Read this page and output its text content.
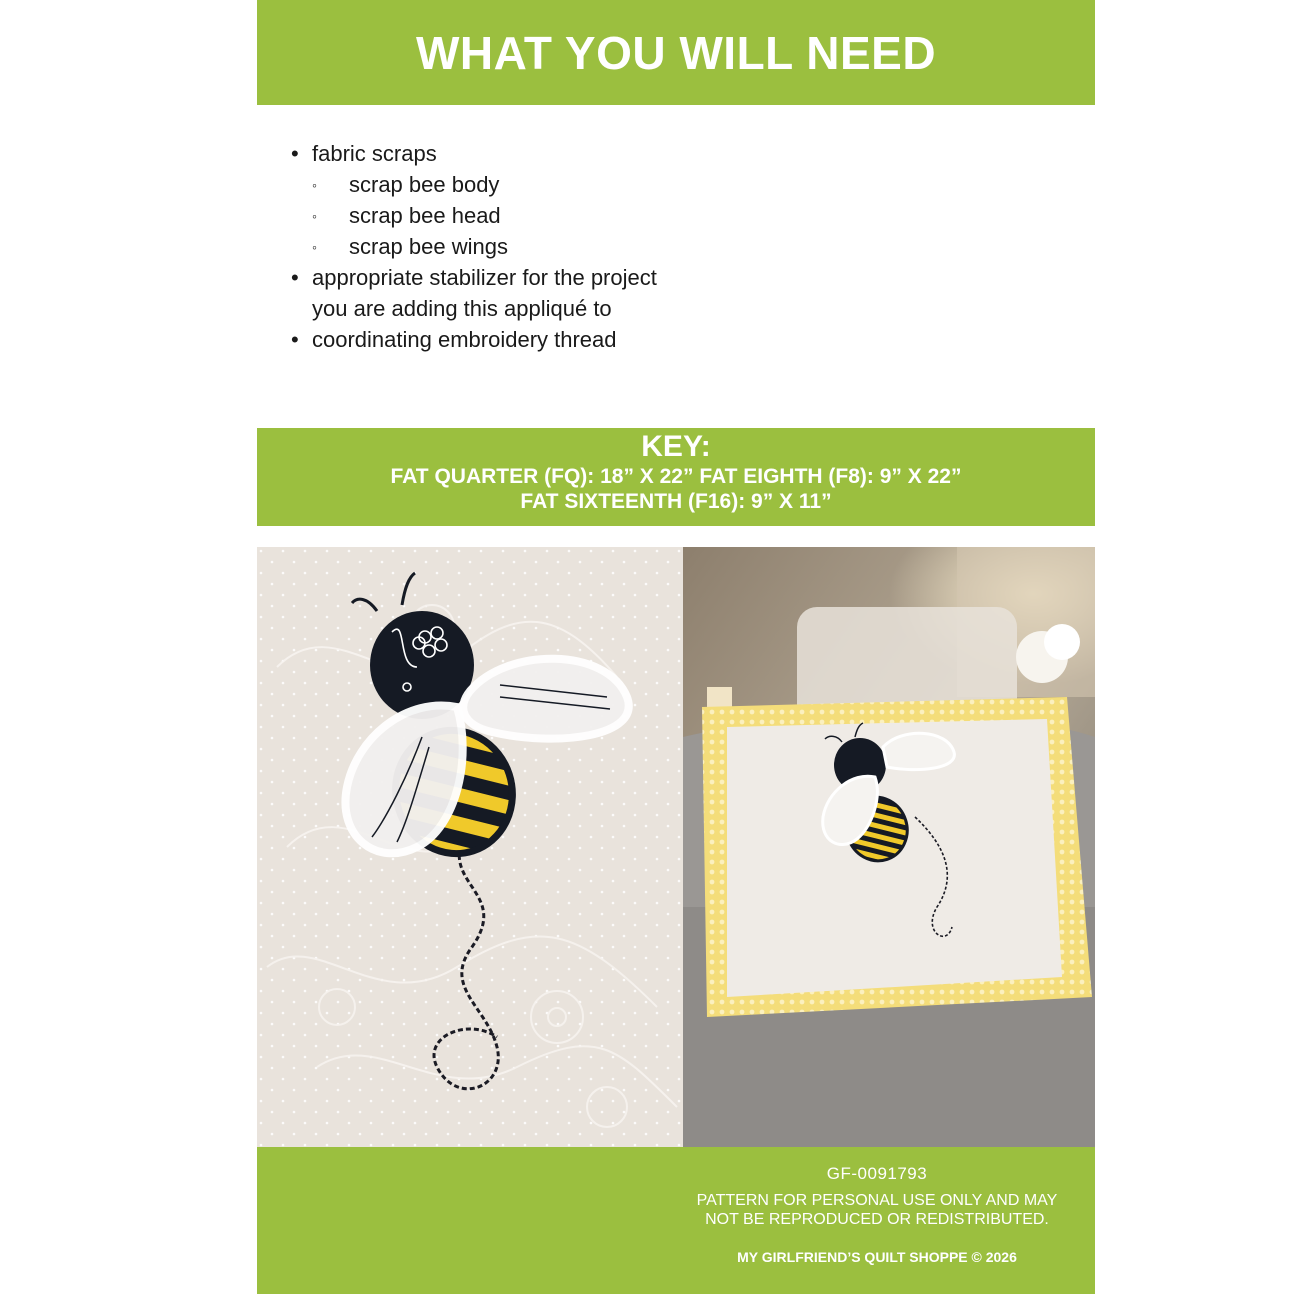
WHAT YOU WILL NEED
• fabric scraps
◦ scrap bee body
◦ scrap bee head
◦ scrap bee wings
• appropriate stabilizer for the project
you are adding this appliqué to
• coordinating embroidery thread
KEY:
FAT QUARTER (FQ): 18” X 22” FAT EIGHTH (F8): 9” X 22”
FAT SIXTEENTH (F16): 9” X 11”
GF-0091793
PATTERN FOR PERSONAL USE ONLY AND MAY
NOT BE REPRODUCED OR REDISTRIBUTED.
MY GIRLFRIEND’S QUILT SHOPPE © 2026
